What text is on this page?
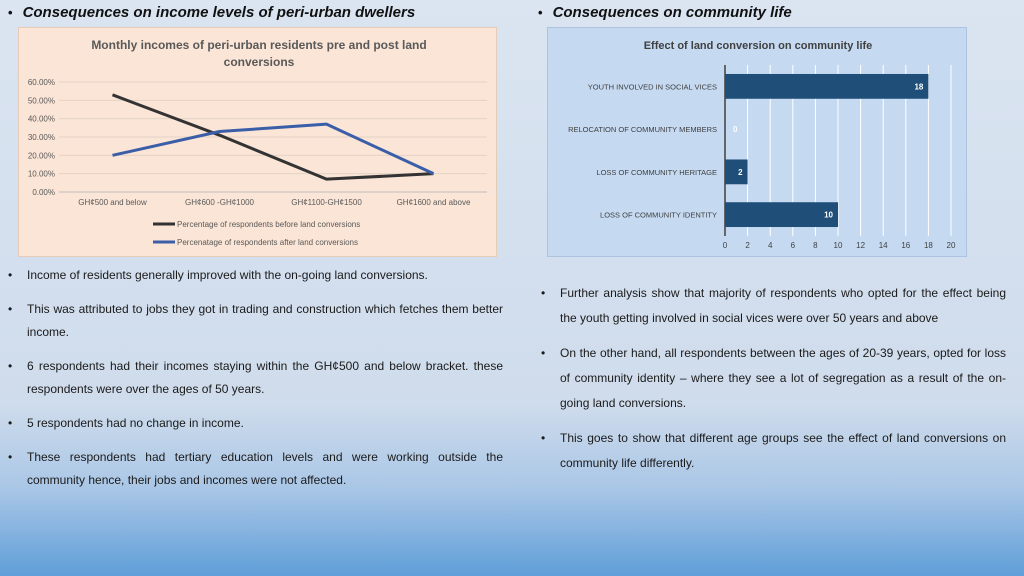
• Consequences on income levels of peri-urban dwellers	• Consequences on community life
Monthly incomes of peri-urban residents pre and post land
conversions
60.00%
50.00%
40.00%
30.00%
20.00%
10.00%
0.00%
GH¢500 and below	GH¢600 -GH¢1000	GH¢1100-GH¢1500	GH¢1600 and above
Percentage of respondents before land conversions
Percenatage of respondents after land conversions
Effect of land conversion on community life
YOUTH INVOLVED IN SOCIAL VICES
RELOCATION OF COMMUNITY MEMBERS
LOSS OF COMMUNITY HERITAGE
LOSS OF COMMUNITY IDENTITY
18
0
2
10
0 2 4 6 8 10 12 14 16 18 20
• Income of residents generally improved with the on-going land conversions.
• This was attributed to jobs they got in trading and construction which fetches them better income.
• 6 respondents had their incomes staying within the GH¢500 and below bracket. these respondents were over the ages of 50 years.
• 5 respondents had no change in income.
• These respondents had tertiary education levels and were working outside the community hence, their jobs and incomes were not affected.
• Further analysis show that majority of respondents who opted for the effect being the youth getting involved in social vices were over 50 years and above
• On the other hand, all respondents between the ages of 20-39 years, opted for loss of community identity – where they see a lot of segregation as a result of the on-going land conversions.
• This goes to show that different age groups see the effect of land conversions on community life differently.
